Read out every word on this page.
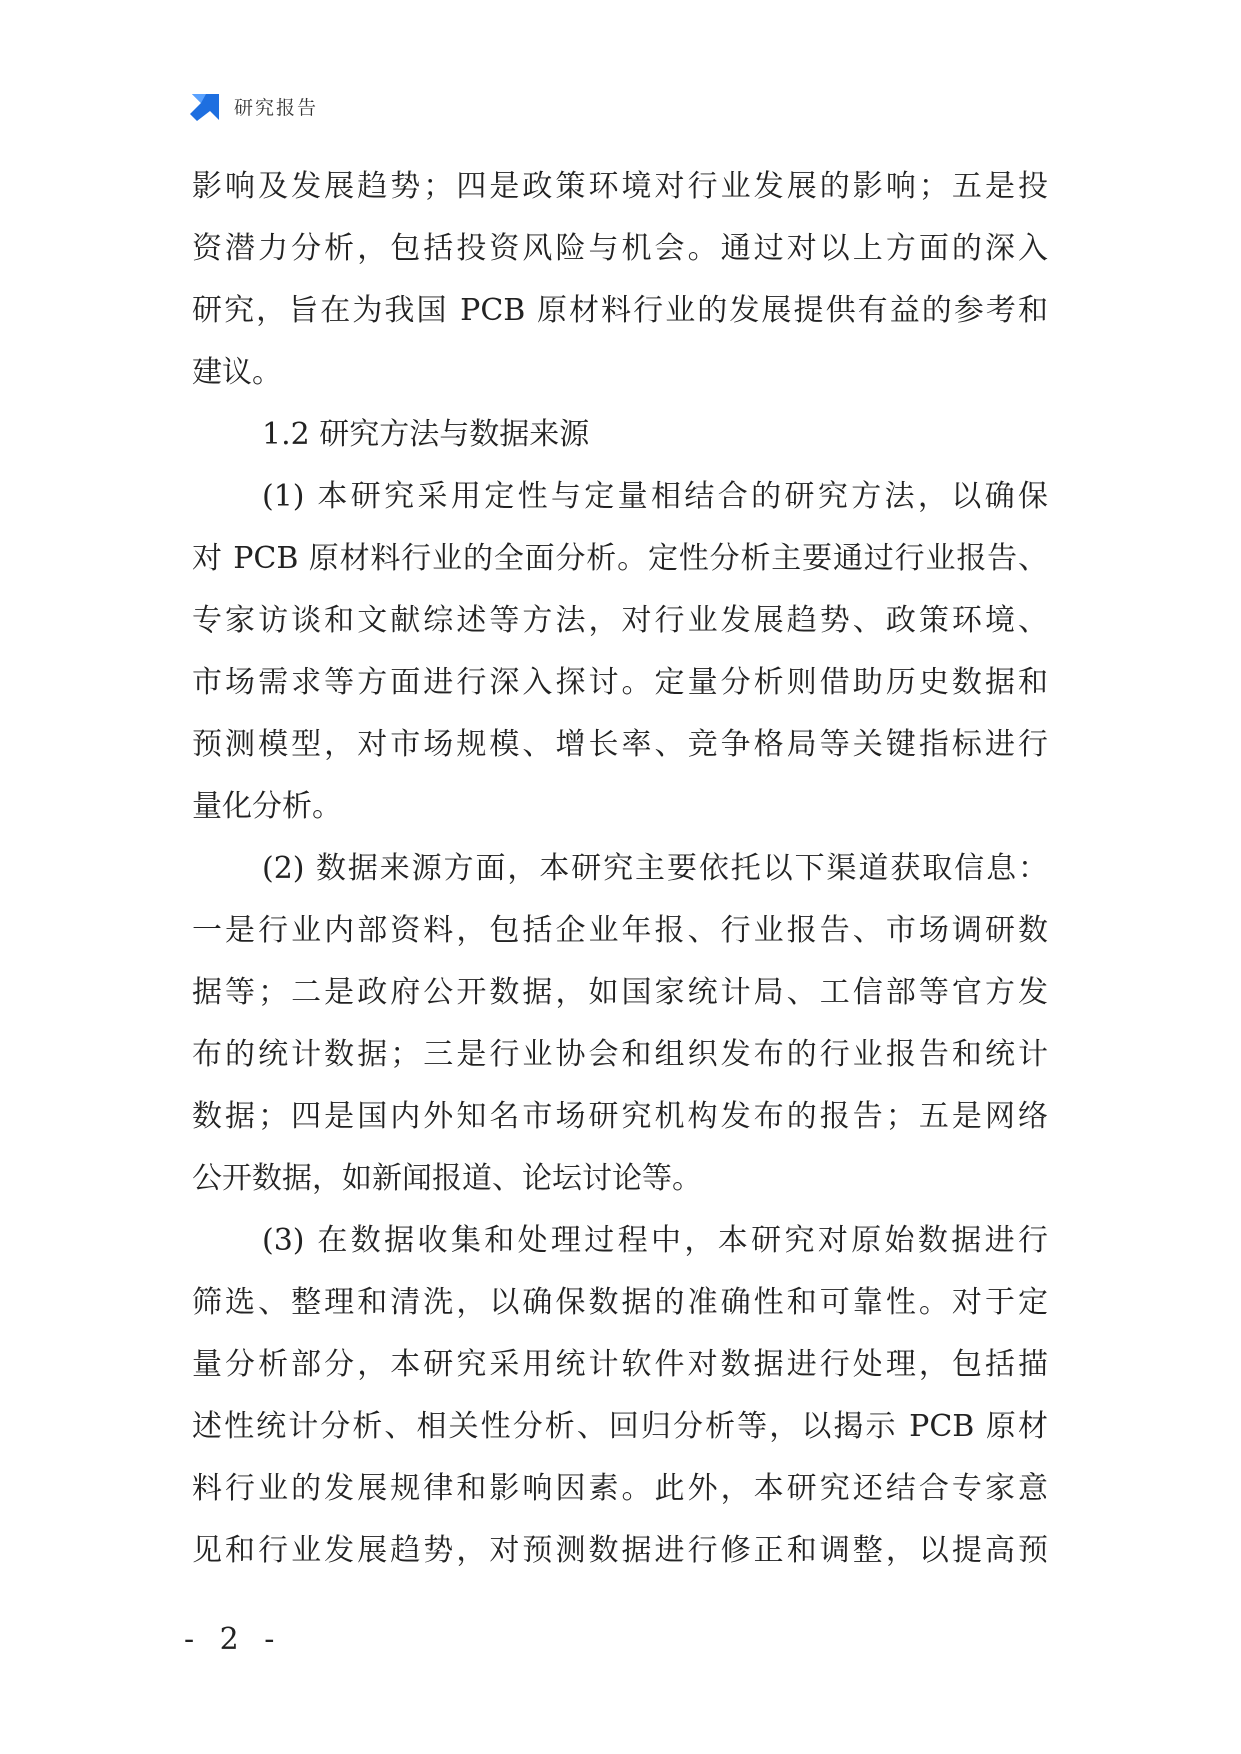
研究报告
影响及发展趋势；四是政策环境对行业发展的影响；五是投
资潜力分析，包括投资风险与机会。通过对以上方面的深入
研究，旨在为我国 PCB 原材料行业的发展提供有益的参考和
建议。
1.2 研究方法与数据来源
(1) 本研究采用定性与定量相结合的研究方法，以确保
对 PCB 原材料行业的全面分析。定性分析主要通过行业报告、
专家访谈和文献综述等方法，对行业发展趋势、政策环境、
市场需求等方面进行深入探讨。定量分析则借助历史数据和
预测模型，对市场规模、增长率、竞争格局等关键指标进行
量化分析。
(2) 数据来源方面，本研究主要依托以下渠道获取信息：
一是行业内部资料，包括企业年报、行业报告、市场调研数
据等；二是政府公开数据，如国家统计局、工信部等官方发
布的统计数据；三是行业协会和组织发布的行业报告和统计
数据；四是国内外知名市场研究机构发布的报告；五是网络
公开数据，如新闻报道、论坛讨论等。
(3) 在数据收集和处理过程中，本研究对原始数据进行
筛选、整理和清洗，以确保数据的准确性和可靠性。对于定
量分析部分，本研究采用统计软件对数据进行处理，包括描
述性统计分析、相关性分析、回归分析等，以揭示 PCB 原材
料行业的发展规律和影响因素。此外，本研究还结合专家意
见和行业发展趋势，对预测数据进行修正和调整，以提高预
- 2 -
